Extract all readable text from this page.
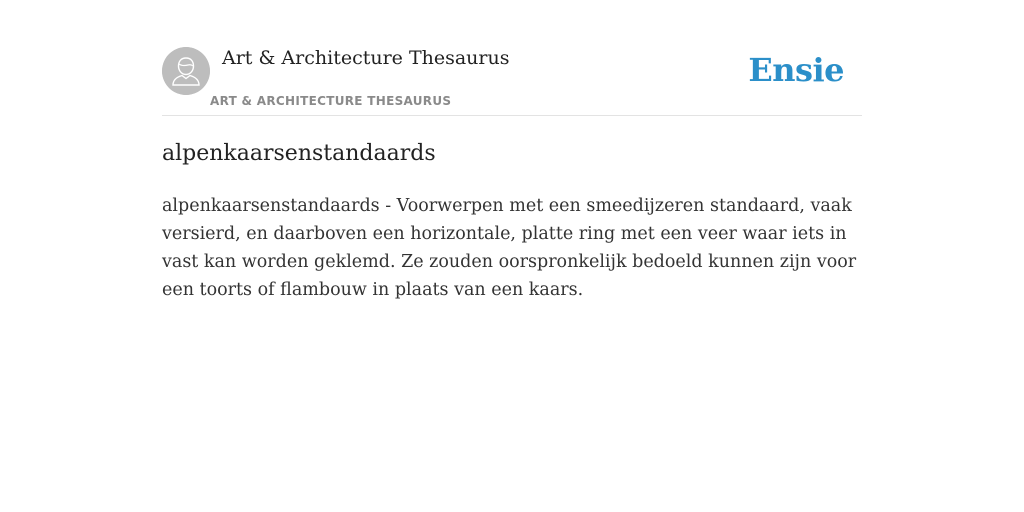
Art & Architecture Thesaurus
ART & ARCHITECTURE THESAURUS
Ensie
alpenkaarsenstandaards

alpenkaarsenstandaards - Voorwerpen met een smeedijzeren standaard, vaak versierd, en daarboven een horizontale, platte ring met een veer waar iets in vast kan worden geklemd. Ze zouden oorspronkelijk bedoeld kunnen zijn voor een toorts of flambouw in plaats van een kaars.
